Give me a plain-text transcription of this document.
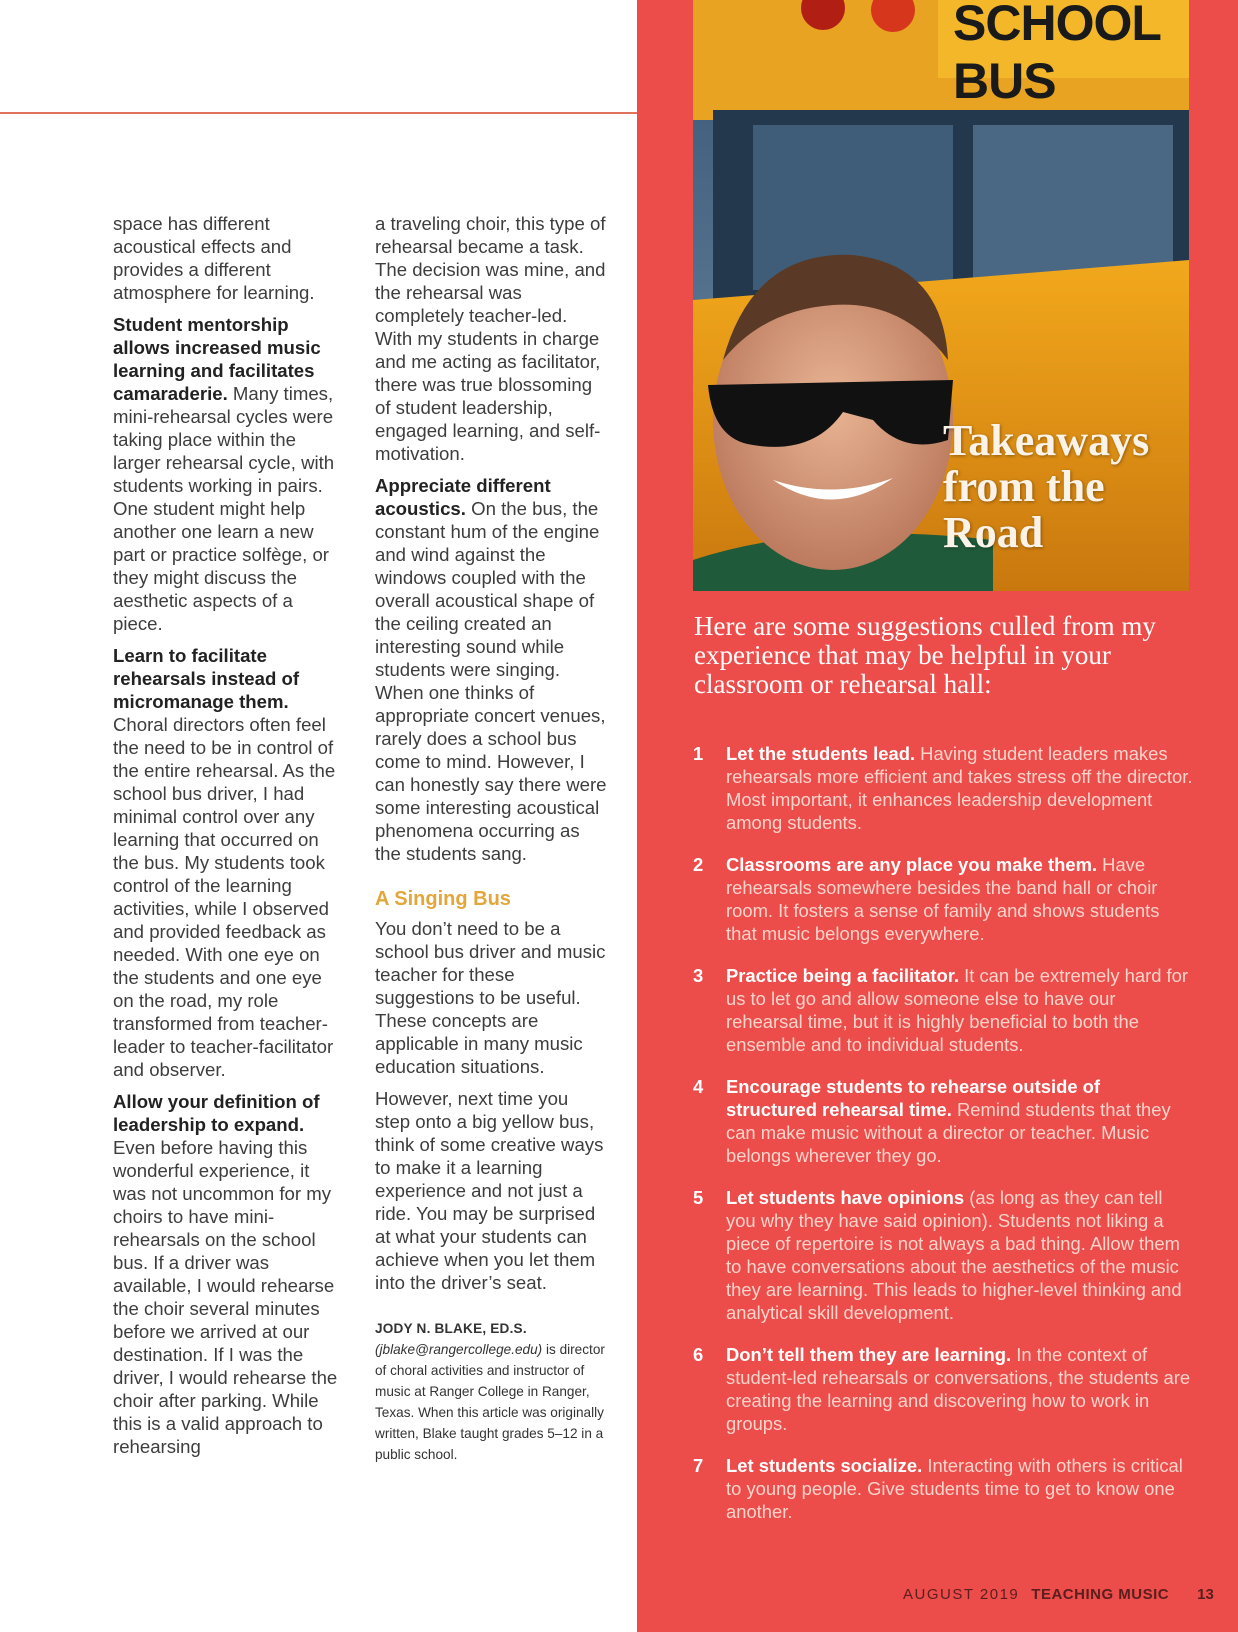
space has different acoustical effects and provides a different atmosphere for learning.

Student mentorship allows increased music learning and facilitates camaraderie. Many times, mini-rehearsal cycles were taking place within the larger rehearsal cycle, with students working in pairs. One student might help another one learn a new part or practice solfège, or they might discuss the aesthetic aspects of a piece.

Learn to facilitate rehearsals instead of micromanage them. Choral directors often feel the need to be in control of the entire rehearsal. As the school bus driver, I had minimal control over any learning that occurred on the bus. My students took control of the learning activities, while I observed and provided feedback as needed. With one eye on the students and one eye on the road, my role transformed from teacher-leader to teacher-facilitator and observer.

Allow your definition of leadership to expand. Even before having this wonderful experience, it was not uncommon for my choirs to have mini-rehearsals on the school bus. If a driver was available, I would rehearse the choir several minutes before we arrived at our destination. If I was the driver, I would rehearse the choir after parking. While this is a valid approach to rehearsing

a traveling choir, this type of rehearsal became a task. The decision was mine, and the rehearsal was completely teacher-led. With my students in charge and me acting as facilitator, there was true blossoming of student leadership, engaged learning, and self-motivation.

Appreciate different acoustics. On the bus, the constant hum of the engine and wind against the windows coupled with the overall acoustical shape of the ceiling created an interesting sound while students were singing. When one thinks of appropriate concert venues, rarely does a school bus come to mind. However, I can honestly say there were some interesting acoustical phenomena occurring as the students sang.

A Singing Bus

You don’t need to be a school bus driver and music teacher for these suggestions to be useful. These concepts are applicable in many music education situations.

However, next time you step onto a big yellow bus, think of some creative ways to make it a learning experience and not just a ride. You may be surprised at what your students can achieve when you let them into the driver’s seat.

JODY N. BLAKE, ED.S.
(jblake@rangercollege.edu) is director of choral activities and instructor of music at Ranger College in Ranger, Texas. When this article was originally written, Blake taught grades 5–12 in a public school.
SCHOOL BUS
Takeaways from the Road
Here are some suggestions culled from my experience that may be helpful in your classroom or rehearsal hall:
1 Let the students lead. Having student leaders makes rehearsals more efficient and takes stress off the director. Most important, it enhances leadership development among students.
2 Classrooms are any place you make them. Have rehearsals somewhere besides the band hall or choir room. It fosters a sense of family and shows students that music belongs everywhere.
3 Practice being a facilitator. It can be extremely hard for us to let go and allow someone else to have our rehearsal time, but it is highly beneficial to both the ensemble and to individual students.
4 Encourage students to rehearse outside of structured rehearsal time. Remind students that they can make music without a director or teacher. Music belongs wherever they go.
5 Let students have opinions (as long as they can tell you why they have said opinion). Students not liking a piece of repertoire is not always a bad thing. Allow them to have conversations about the aesthetics of the music they are learning. This leads to higher-level thinking and analytical skill development.
6 Don’t tell them they are learning. In the context of student-led rehearsals or conversations, the students are creating the learning and discovering how to work in groups.
7 Let students socialize. Interacting with others is critical to young people. Give students time to get to know one another.
AUGUST 2019 TEACHING MUSIC 13
